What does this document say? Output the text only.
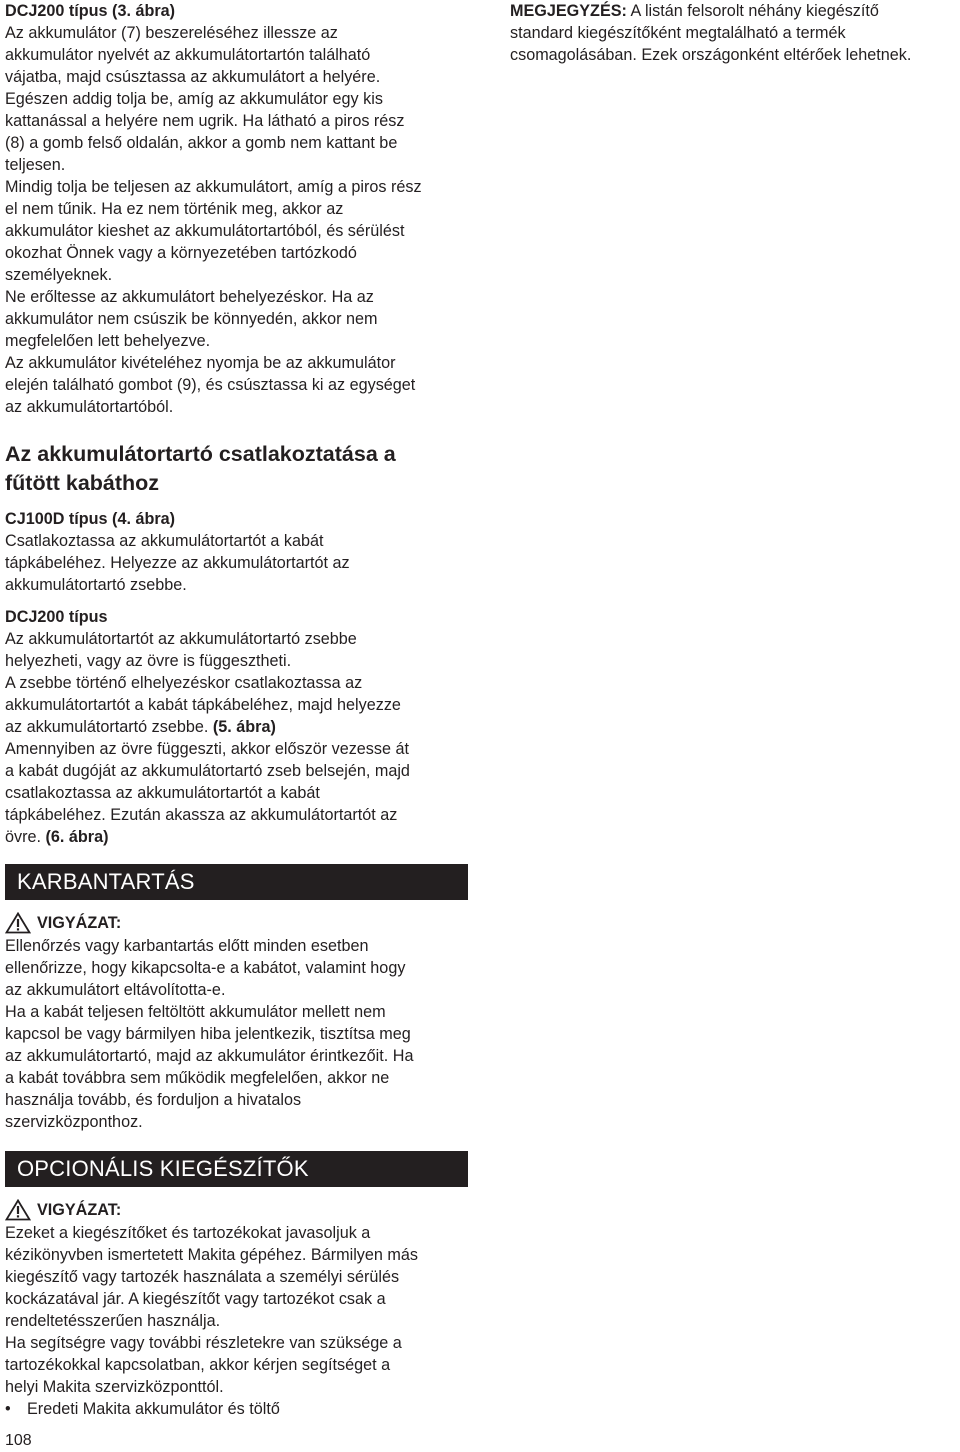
DCJ200 típus (3. ábra)

Az akkumulátor (7) beszereléséhez illessze az

akkumulátor nyelvét az akkumulátortartón található

vájatba, majd csúsztassa az akkumulátort a helyére.

Egészen addig tolja be, amíg az akkumulátor egy kis

kattanással a helyére nem ugrik. Ha látható a piros rész

(8) a gomb felső oldalán, akkor a gomb nem kattant be

teljesen.

Mindig tolja be teljesen az akkumulátort, amíg a piros rész

el nem tűnik. Ha ez nem történik meg, akkor az

akkumulátor kieshet az akkumulátortartóból, és sérülést

okozhat Önnek vagy a környezetében tartózkodó

személyeknek.

Ne erőltesse az akkumulátort behelyezéskor. Ha az

akkumulátor nem csúszik be könnyedén, akkor nem

megfelelően lett behelyezve.

Az akkumulátor kivételéhez nyomja be az akkumulátor

elején található gombot (9), és csúsztassa ki az egységet

az akkumulátortartóból.

Az akkumulátortartó csatlakoztatása a

fűtött kabáthoz

CJ100D típus (4. ábra)

Csatlakoztassa az akkumulátortartót a kabát

tápkábeléhez. Helyezze az akkumulátortartót az

akkumulátortartó zsebbe.

DCJ200 típus

Az akkumulátortartót az akkumulátortartó zsebbe

helyezheti, vagy az övre is függesztheti.

A zsebbe történő elhelyezéskor csatlakoztassa az

akkumulátortartót a kabát tápkábeléhez, majd helyezze

az akkumulátortartó zsebbe. (5. ábra)

Amennyiben az övre függeszti, akkor először vezesse át

a kabát dugóját az akkumulátortartó zseb belsején, majd

csatlakoztassa az akkumulátortartót a kabát

tápkábeléhez. Ezután akassza az akkumulátortartót az

övre. (6. ábra)

KARBANTARTÁS
VIGYÁZAT:

Ellenőrzés vagy karbantartás előtt minden esetben

ellenőrizze, hogy kikapcsolta-e a kabátot, valamint hogy

az akkumulátort eltávolította-e.

Ha a kabát teljesen feltöltött akkumulátor mellett nem

kapcsol be vagy bármilyen hiba jelentkezik, tisztítsa meg

az akkumulátortartó, majd az akkumulátor érintkezőit. Ha

a kabát továbbra sem működik megfelelően, akkor ne

használja tovább, és forduljon a hivatalos

szervizközponthoz.

OPCIONÁLIS KIEGÉSZÍTŐK
VIGYÁZAT:

Ezeket a kiegészítőket és tartozékokat javasoljuk a

kézikönyvben ismertetett Makita gépéhez. Bármilyen más

kiegészítő vagy tartozék használata a személyi sérülés

kockázatával jár. A kiegészítőt vagy tartozékot csak a

rendeltetésszerűen használja.

Ha segítségre vagy további részletekre van szüksége a

tartozékokkal kapcsolatban, akkor kérjen segítséget a

helyi Makita szervizközponttól.

•	Eredeti Makita akkumulátor és töltő

MEGJEGYZÉS: A listán felsorolt néhány kiegészítő

standard kiegészítőként megtalálható a termék

csomagolásában. Ezek országonként eltérőek lehetnek.

108
